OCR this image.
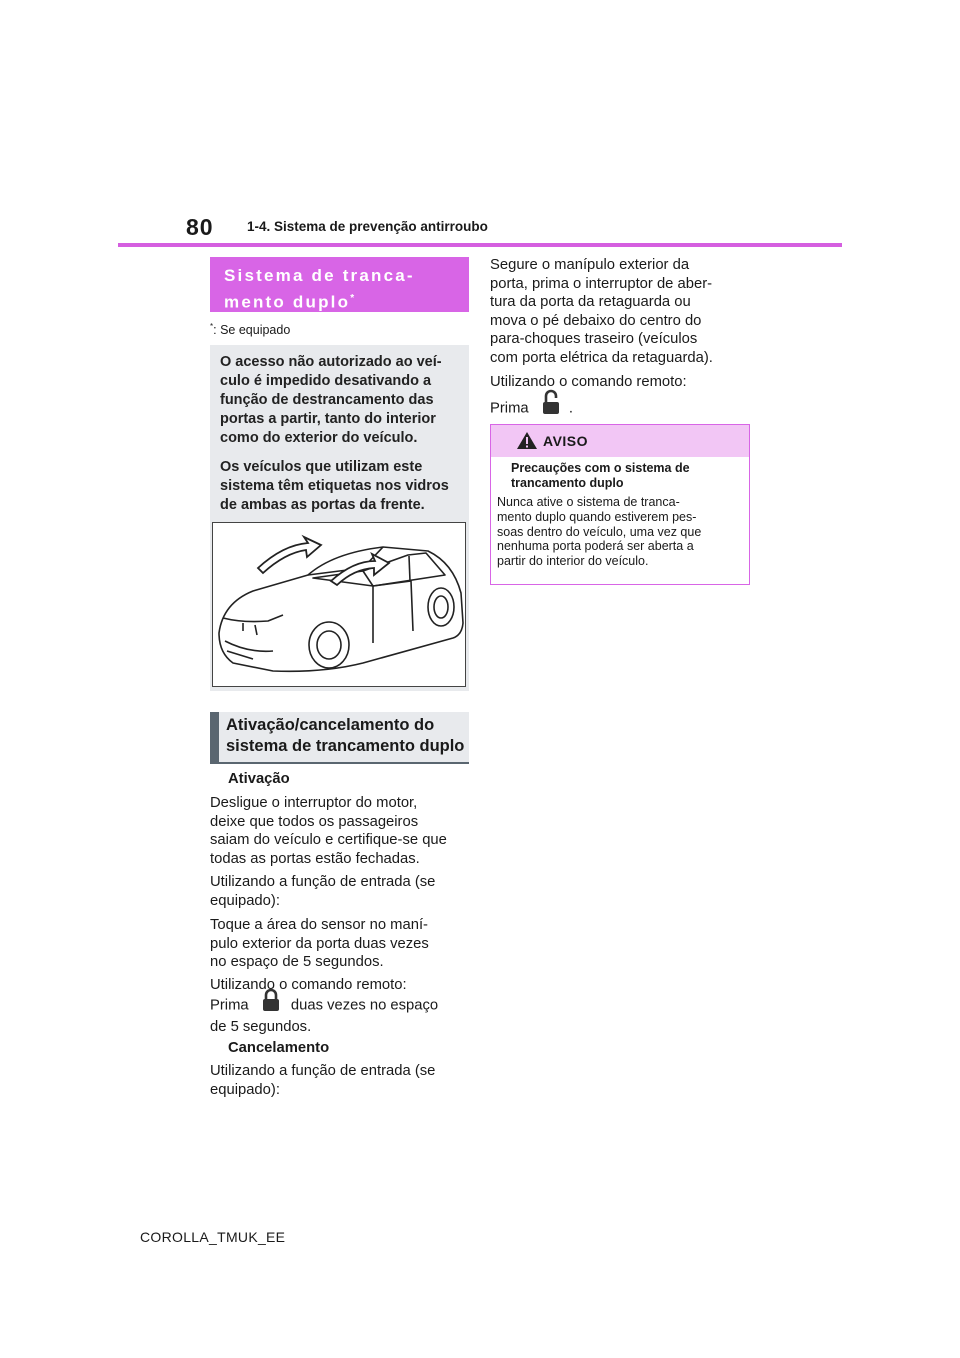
80 1-4. Sistema de prevenção antirroubo
Sistema de tranca-
mento duplo*
*: Se equipado

O acesso não autorizado ao veí-
culo é impedido desativando a
função de destrancamento das
portas a partir, tanto do interior
como do exterior do veículo.

Os veículos que utilizam este
sistema têm etiquetas nos vidros
de ambas as portas da frente.

Ativação/cancelamento do
sistema de trancamento duplo
Ativação
Desligue o interruptor do motor,
deixe que todos os passageiros
saiam do veículo e certifique-se que
todas as portas estão fechadas.
Utilizando a função de entrada (se
equipado):
Toque a área do sensor no maní-
pulo exterior da porta duas vezes
no espaço de 5 segundos.
Utilizando o comando remoto:
Prima	duas vezes no espaço
de 5 segundos.
Cancelamento
Utilizando a função de entrada (se
equipado):
Segure o manípulo exterior da
porta, prima o interruptor de aber-
tura da porta da retaguarda ou
mova o pé debaixo do centro do
para-choques traseiro (veículos
com porta elétrica da retaguarda).
Utilizando o comando remoto:
Prima	.
AVISO
Precauções com o sistema de
trancamento duplo
Nunca ative o sistema de tranca-
mento duplo quando estiverem pes-
soas dentro do veículo, uma vez que
nenhuma porta poderá ser aberta a
partir do interior do veículo.
COROLLA_TMUK_EE
